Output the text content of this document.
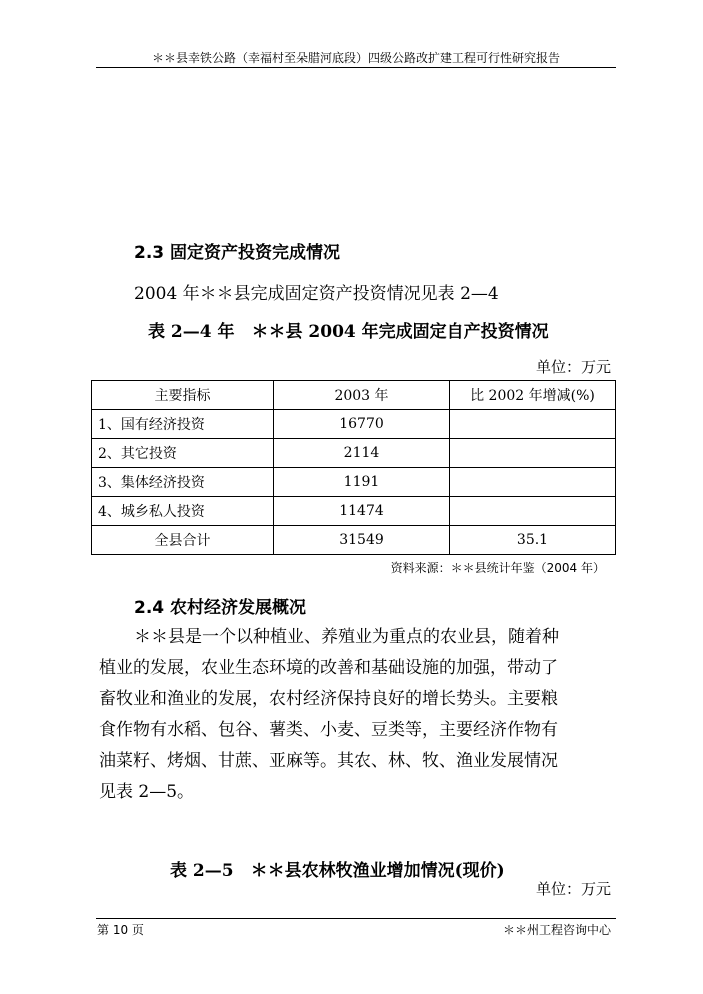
＊＊县幸铁公路（幸福村至朵腊河底段）四级公路改扩建工程可行性研究报告
2.3 固定资产投资完成情况
2004 年＊＊县完成固定资产投资情况见表 2—4
表 2—4 年　＊＊县 2004 年完成固定自产投资情况
单位：万元
主要指标	2003 年	比 2002 年增减(%)
1、国有经济投资	16770	
2、其它投资	2114	
3、集体经济投资	1191	
4、城乡私人投资	11474	
全县合计	31549	35.1
资料来源：＊＊县统计年鉴（2004 年）
2.4 农村经济发展概况

　＊＊县是一个以种植业、养殖业为重点的农业县，随着种

植业的发展，农业生态环境的改善和基础设施的加强，带动了

畜牧业和渔业的发展，农村经济保持良好的增长势头。主要粮

食作物有水稻、包谷、薯类、小麦、豆类等，主要经济作物有

油菜籽、烤烟、甘蔗、亚麻等。其农、林、牧、渔业发展情况

见表 2—5。

表 2—5　＊＊县农林牧渔业增加情况(现价)
单位：万元
第 10 页	＊＊州工程咨询中心
